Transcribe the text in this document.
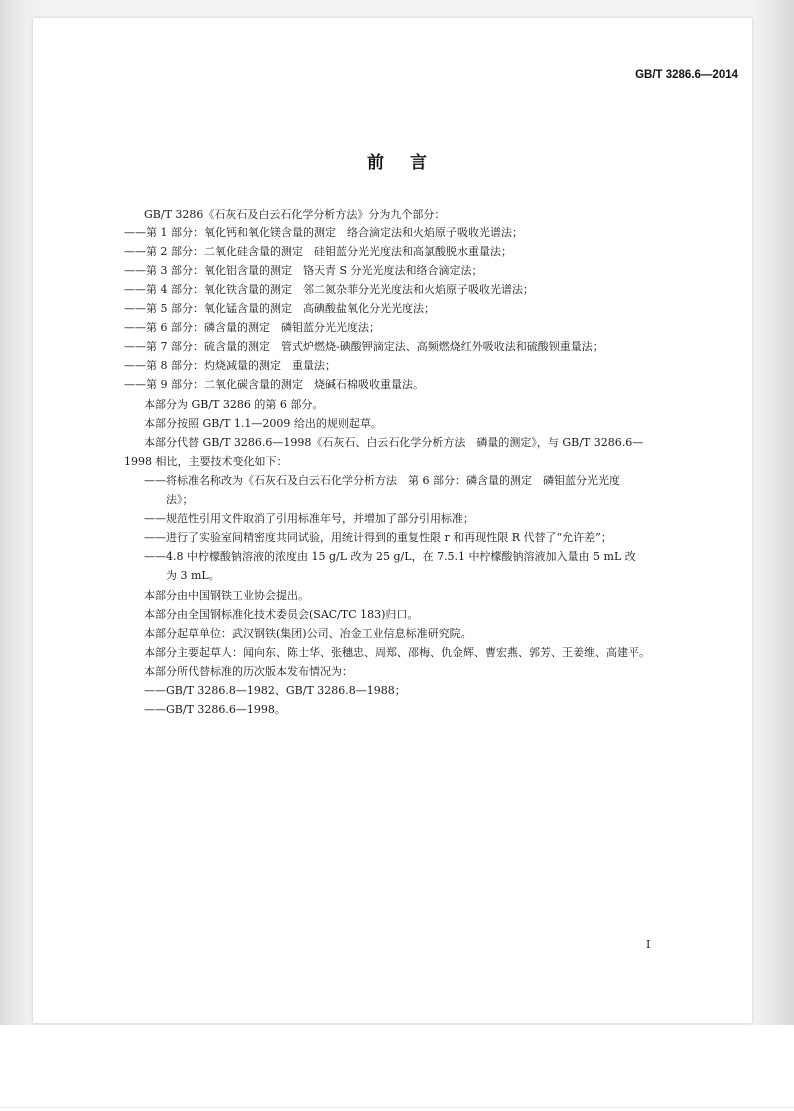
GB/T 3286.6—2014
前言
GB/T 3286《石灰石及白云石化学分析方法》分为九个部分：
——第 1 部分：氧化钙和氧化镁含量的测定　络合滴定法和火焰原子吸收光谱法；
——第 2 部分：二氧化硅含量的测定　硅钼蓝分光光度法和高氯酸脱水重量法；
——第 3 部分：氧化铝含量的测定　铬天青 S 分光光度法和络合滴定法；
——第 4 部分：氧化铁含量的测定　邻二氮杂菲分光光度法和火焰原子吸收光谱法；
——第 5 部分：氧化锰含量的测定　高碘酸盐氧化分光光度法；
——第 6 部分：磷含量的测定　磷钼蓝分光光度法；
——第 7 部分：硫含量的测定　管式炉燃烧-碘酸钾滴定法、高频燃烧红外吸收法和硫酸钡重量法；
——第 8 部分：灼烧减量的测定　重量法；
——第 9 部分：二氧化碳含量的测定　烧碱石棉吸收重量法。
本部分为 GB/T 3286 的第 6 部分。
本部分按照 GB/T 1.1—2009 给出的规则起草。
本部分代替 GB/T 3286.6—1998《石灰石、白云石化学分析方法　磷量的测定》，与 GB/T 3286.6—
1998 相比，主要技术变化如下：
——将标准名称改为《石灰石及白云石化学分析方法　第 6 部分：磷含量的测定　磷钼蓝分光光度
法》；
——规范性引用文件取消了引用标准年号，并增加了部分引用标准；
——进行了实验室间精密度共同试验，用统计得到的重复性限 r 和再现性限 R 代替了“允许差”；
——4.8 中柠檬酸钠溶液的浓度由 15 g/L 改为 25 g/L，在 7.5.1 中柠檬酸钠溶液加入量由 5 mL 改
为 3 mL。
本部分由中国钢铁工业协会提出。
本部分由全国钢标准化技术委员会(SAC/TC 183)归口。
本部分起草单位：武汉钢铁(集团)公司、冶金工业信息标准研究院。
本部分主要起草人：闻向东、陈士华、张穗忠、周郑、邵梅、仇金辉、曹宏燕、郭芳、王姜维、高建平。
本部分所代替标准的历次版本发布情况为：
——GB/T 3286.8—1982、GB/T 3286.8—1988；
——GB/T 3286.6—1998。
I
